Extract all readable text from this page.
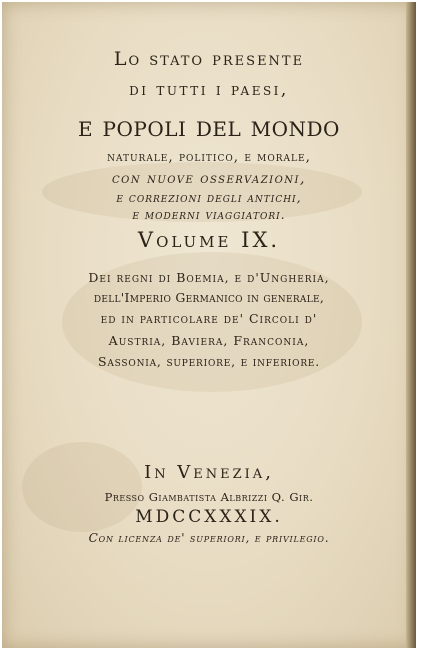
Lo stato presente

di tutti i paesi,

e popoli del mondo

naturale, politico, e morale,

con nuove osservazioni,

e correzioni degli antichi,

e moderni viaggiatori.

Volume IX.

Dei regni di Boemia, e d'Ungheria,

dell'Imperio Germanico in generale,

ed in particolare de' Circoli d'

Austria, Baviera, Franconia,

Sassonia, superiore, e inferiore.

In Venezia,

Presso Giambatista Albrizzi Q. Gir.

MDCCXXXIX.

Con licenza de' superiori, e privilegio.
